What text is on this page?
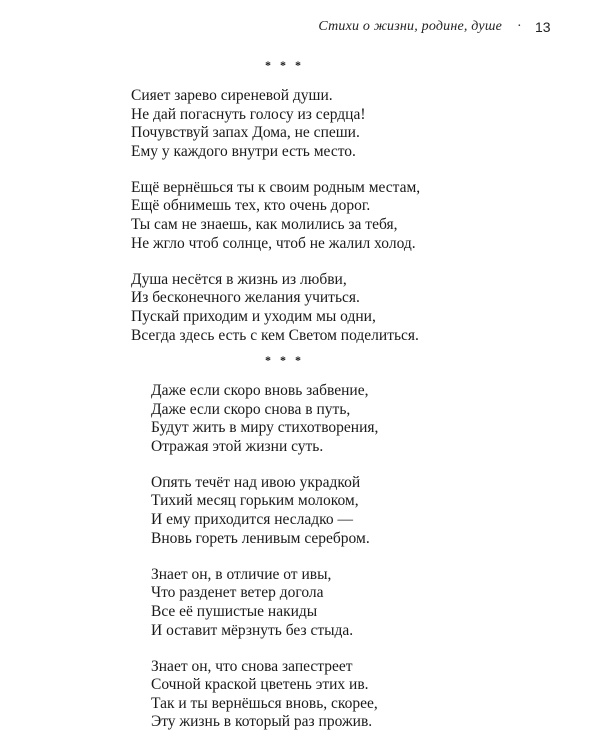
Стихи о жизни, родине, душе · 13
* * *
Сияет зарево сиреневой души.
Не дай погаснуть голосу из сердца!
Почувствуй запах Дома, не спеши.
Ему у каждого внутри есть место.
Ещё вернёшься ты к своим родным местам,
Ещё обнимешь тех, кто очень дорог.
Ты сам не знаешь, как молились за тебя,
Не жгло чтоб солнце, чтоб не жалил холод.
Душа несётся в жизнь из любви,
Из бесконечного желания учиться.
Пускай приходим и уходим мы одни,
Всегда здесь есть с кем Светом поделиться.
* * *
Даже если скоро вновь забвение,
Даже если скоро снова в путь,
Будут жить в миру стихотворения,
Отражая этой жизни суть.
Опять течёт над ивою украдкой
Тихий месяц горьким молоком,
И ему приходится несладко —
Вновь гореть ленивым серебром.
Знает он, в отличие от ивы,
Что разденет ветер догола
Все её пушистые накиды
И оставит мёрзнуть без стыда.
Знает он, что снова запестреет
Сочной краской цветень этих ив.
Так и ты вернёшься вновь, скорее,
Эту жизнь в который раз прожив.
